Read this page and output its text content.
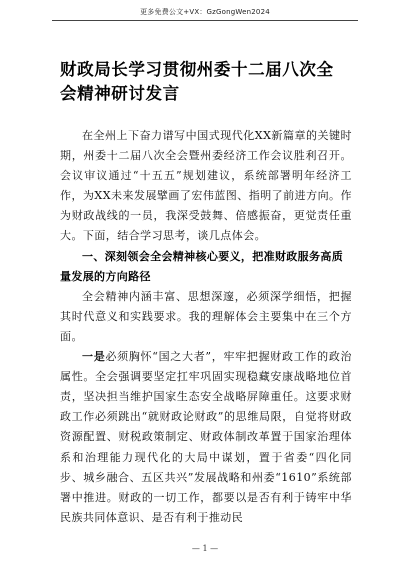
更多免费公文+VX：GzGongWen2024
财政局长学习贯彻州委十二届八次全会精神研讨发言

在全州上下奋力谱写中国式现代化XX新篇章的关键时期，州委十二届八次全会暨州委经济工作会议胜利召开。会议审议通过“十五五”规划建议，系统部署明年经济工作，为XX未来发展擘画了宏伟蓝图、指明了前进方向。作为财政战线的一员，我深受鼓舞、倍感振奋，更觉责任重大。下面，结合学习思考，谈几点体会。

一、深刻领会全会精神核心要义，把准财政服务高质量发展的方向路径

全会精神内涵丰富、思想深邃，必须深学细悟，把握其时代意义和实践要求。我的理解体会主要集中在三个方面。

一是必须胸怀“国之大者”，牢牢把握财政工作的政治属性。全会强调要坚定扛牢巩固实现稳藏安康战略地位首责，坚决担当维护国家生态安全战略屏障重任。这要求财政工作必须跳出“就财政论财政”的思维局限，自觉将财政资源配置、财税政策制定、财政体制改革置于国家治理体系和治理能力现代化的大局中谋划，置于省委“四化同步、城乡融合、五区共兴”发展战略和州委“1610”系统部署中推进。财政的一切工作，都要以是否有利于铸牢中华民族共同体意识、是否有利于推动民

— 1 —
